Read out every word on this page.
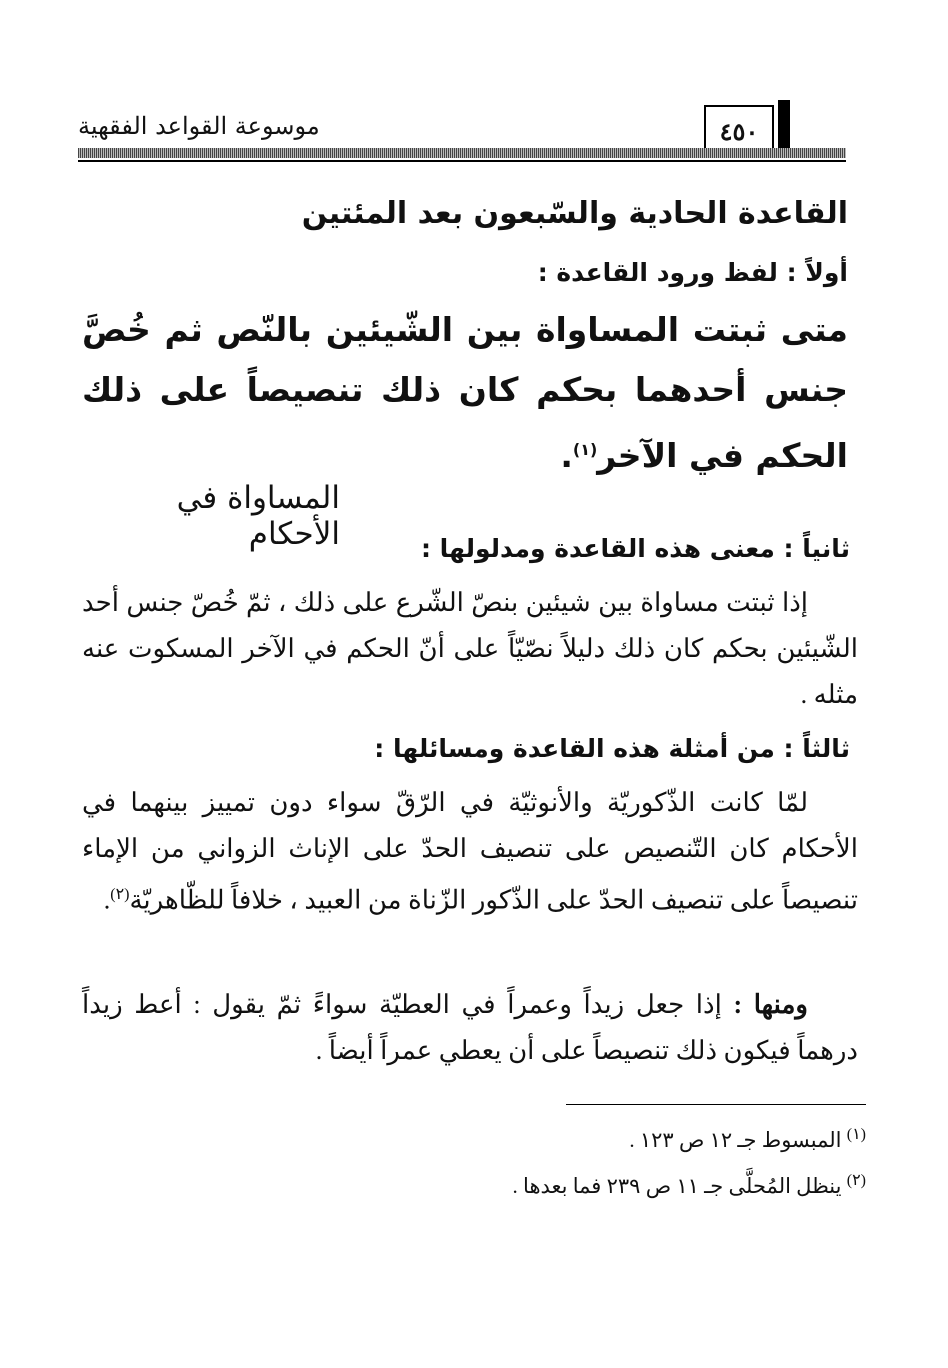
موسوعة القواعد الفقهية	٤٥٠
القاعدة الحادية والسّبعون بعد المئتين
أولاً : لفظ ورود القاعدة :
متى ثبتت المساواة بين الشّيئين بالنّص ثم خُصَّ جنس أحدهما بحكم كان ذلك تنصيصاً على ذلك الحكم في الآخر$^{(١)}$.
المساواة في الأحكام	ثانياً : معنى هذه القاعدة ومدلولها :
إذا ثبتت مساواة بين شيئين بنصّ الشّرع على ذلك ، ثمّ خُصّ جنس أحد الشّيئين بحكم كان ذلك دليلاً نصّيّاً على أنّ الحكم في الآخر المسكوت عنه مثله .
ثالثاً : من أمثلة هذه القاعدة ومسائلها :
لمّا كانت الذّكوريّة والأنوثيّة في الرّقّ سواء دون تمييز بينهما في الأحكام كان التّنصيص على تنصيف الحدّ على الإناث الزواني من الإماء تنصيصاً على تنصيف الحدّ على الذّكور الزّناة من العبيد ، خلافاً للظّاهريّة$^{(٢)}$.
ومنها : إذا جعل زيداً وعمراً في العطيّة سواءً ثمّ يقول : أعط زيداً درهماً فيكون ذلك تنصيصاً على أن يعطي عمراً أيضاً .
$^{(١)}$ المبسوط جـ ١٢ ص ١٢٣ .
$^{(٢)}$ ينظل المُحلَّى جـ ١١ ص ٢٣٩ فما بعدها .
